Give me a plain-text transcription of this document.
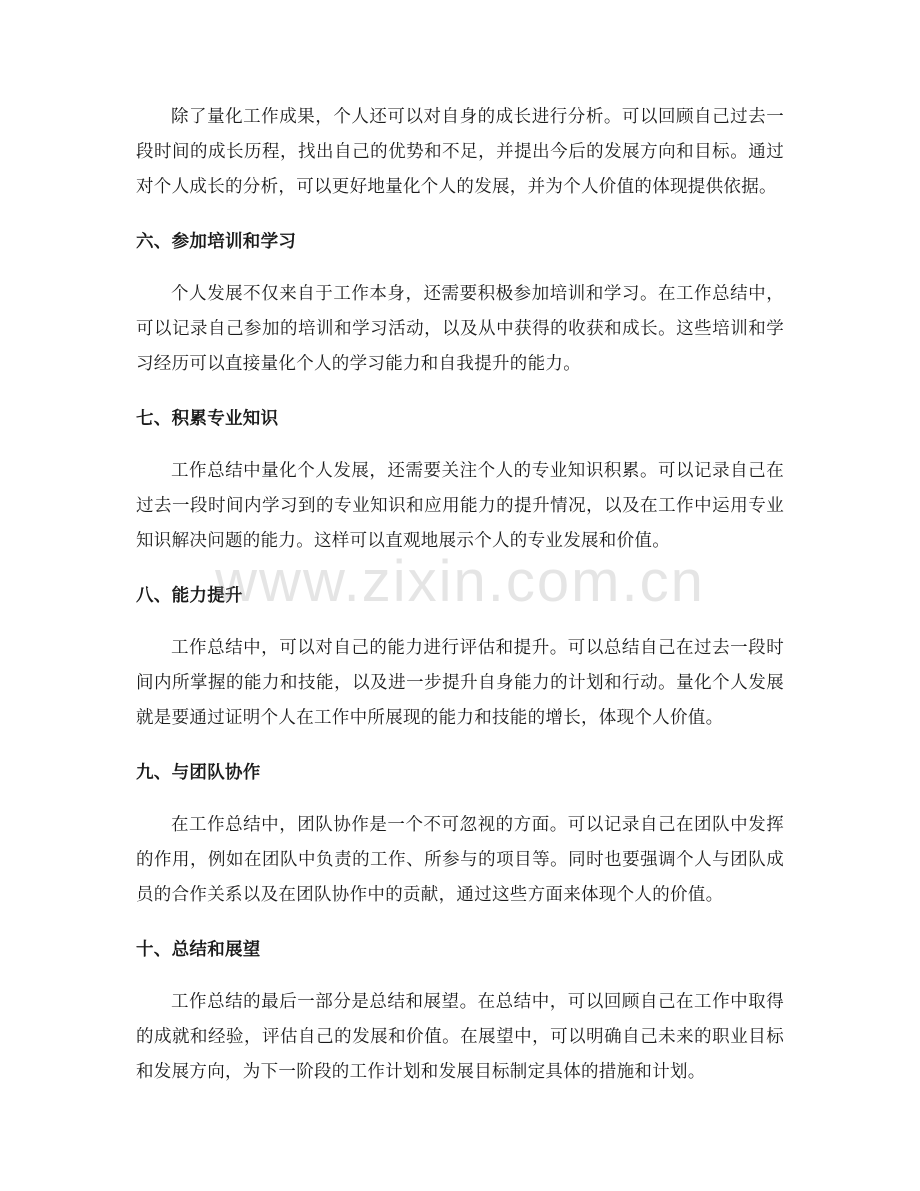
除了量化工作成果，个人还可以对自身的成长进行分析。可以回顾自己过去一段时间的成长历程，找出自己的优势和不足，并提出今后的发展方向和目标。通过对个人成长的分析，可以更好地量化个人的发展，并为个人价值的体现提供依据。

六、参加培训和学习

个人发展不仅来自于工作本身，还需要积极参加培训和学习。在工作总结中，可以记录自己参加的培训和学习活动，以及从中获得的收获和成长。这些培训和学习经历可以直接量化个人的学习能力和自我提升的能力。

七、积累专业知识

工作总结中量化个人发展，还需要关注个人的专业知识积累。可以记录自己在过去一段时间内学习到的专业知识和应用能力的提升情况，以及在工作中运用专业知识解决问题的能力。这样可以直观地展示个人的专业发展和价值。

八、能力提升

工作总结中，可以对自己的能力进行评估和提升。可以总结自己在过去一段时间内所掌握的能力和技能，以及进一步提升自身能力的计划和行动。量化个人发展就是要通过证明个人在工作中所展现的能力和技能的增长，体现个人价值。

九、与团队协作

在工作总结中，团队协作是一个不可忽视的方面。可以记录自己在团队中发挥的作用，例如在团队中负责的工作、所参与的项目等。同时也要强调个人与团队成员的合作关系以及在团队协作中的贡献，通过这些方面来体现个人的价值。

十、总结和展望

工作总结的最后一部分是总结和展望。在总结中，可以回顾自己在工作中取得的成就和经验，评估自己的发展和价值。在展望中，可以明确自己未来的职业目标和发展方向，为下一阶段的工作计划和发展目标制定具体的措施和计划。

www.zixin.com.cn
